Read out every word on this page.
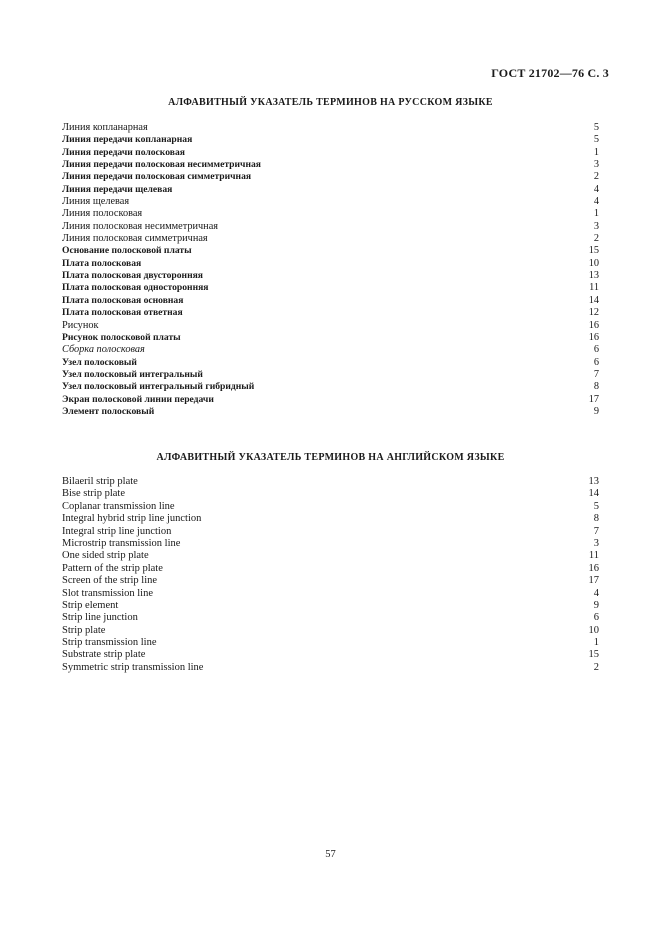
ГОСТ 21702—76 С. 3
АЛФАВИТНЫЙ УКАЗАТЕЛЬ ТЕРМИНОВ НА РУССКОМ ЯЗЫКЕ
Линия копланарная	5
Линия передачи копланарная	5
Линия передачи полосковая	1
Линия передачи полосковая несимметричная	3
Линия передачи полосковая симметричная	2
Линия передачи щелевая	4
Линия щелевая	4
Линия полосковая	1
Линия полосковая несимметричная	3
Линия полосковая симметричная	2
Основание полосковой платы	15
Плата полосковая	10
Плата полосковая двусторонняя	13
Плата полосковая односторонняя	11
Плата полосковая основная	14
Плата полосковая ответная	12
Рисунок	16
Рисунок полосковой платы	16
Сборка полосковая	6
Узел полосковый	6
Узел полосковый интегральный	7
Узел полосковый интегральный гибридный	8
Экран полосковой линии передачи	17
Элемент полосковый	9
АЛФАВИТНЫЙ УКАЗАТЕЛЬ ТЕРМИНОВ НА АНГЛИЙСКОМ ЯЗЫКЕ
Bilaeril strip plate	13
Bise strip plate	14
Coplanar transmission line	5
Integral hybrid strip line junction	8
Integral strip line junction	7
Microstrip transmission line	3
One sided strip plate	11
Pattern of the strip plate	16
Screen of the strip line	17
Slot transmission line	4
Strip element	9
Strip line junction	6
Strip plate	10
Strip transmission line	1
Substrate strip plate	15
Symmetric strip transmission line	2
57
